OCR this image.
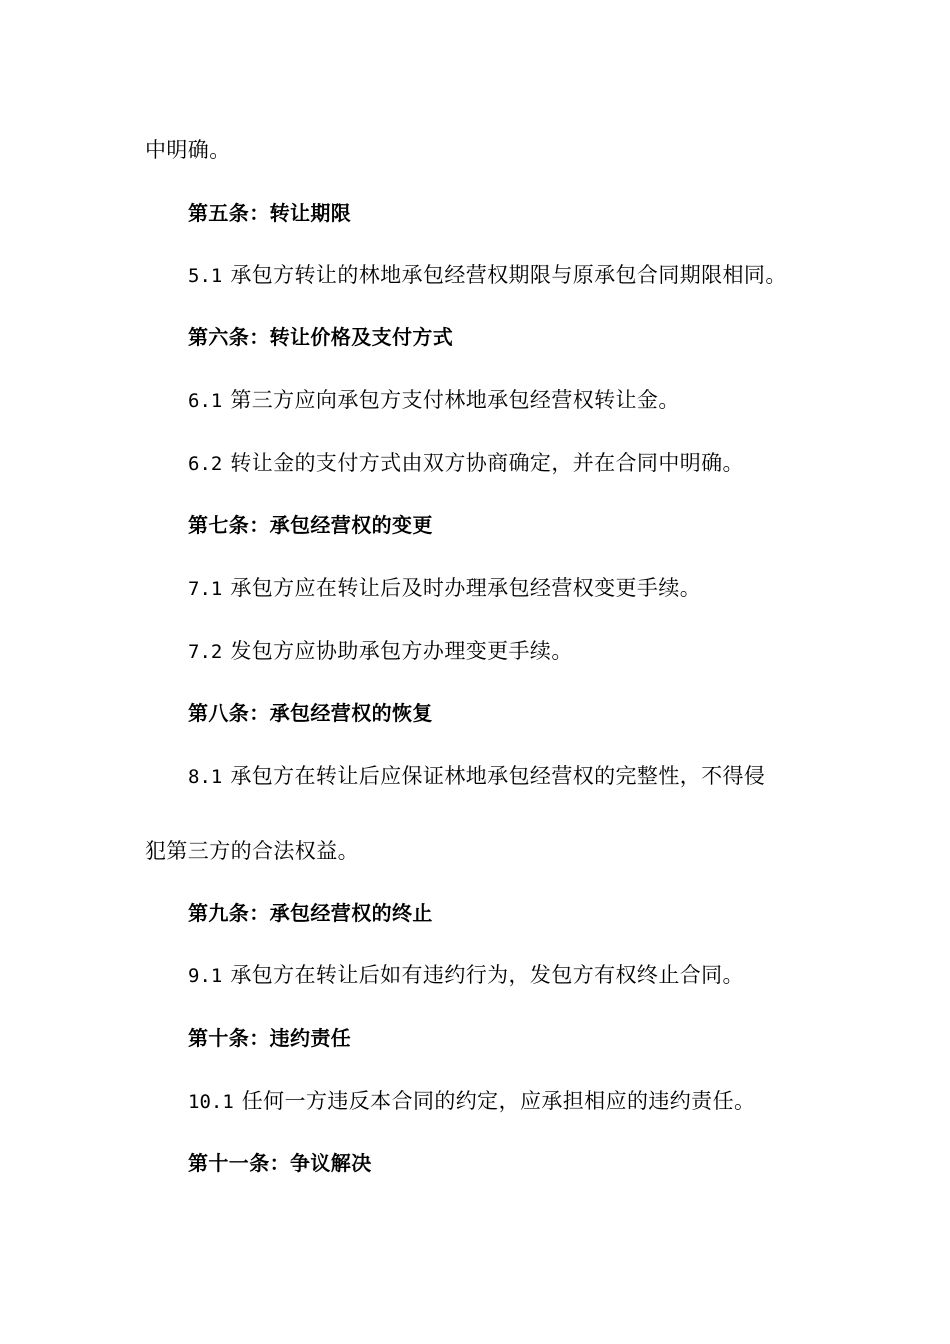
中明确。
第五条：转让期限
5.1 承包方转让的林地承包经营权期限与原承包合同期限相同。
第六条：转让价格及支付方式
6.1 第三方应向承包方支付林地承包经营权转让金。
6.2 转让金的支付方式由双方协商确定，并在合同中明确。
第七条：承包经营权的变更
7.1 承包方应在转让后及时办理承包经营权变更手续。
7.2 发包方应协助承包方办理变更手续。
第八条：承包经营权的恢复
8.1 承包方在转让后应保证林地承包经营权的完整性，不得侵
犯第三方的合法权益。
第九条：承包经营权的终止
9.1 承包方在转让后如有违约行为，发包方有权终止合同。
第十条：违约责任
10.1 任何一方违反本合同的约定，应承担相应的违约责任。
第十一条：争议解决
